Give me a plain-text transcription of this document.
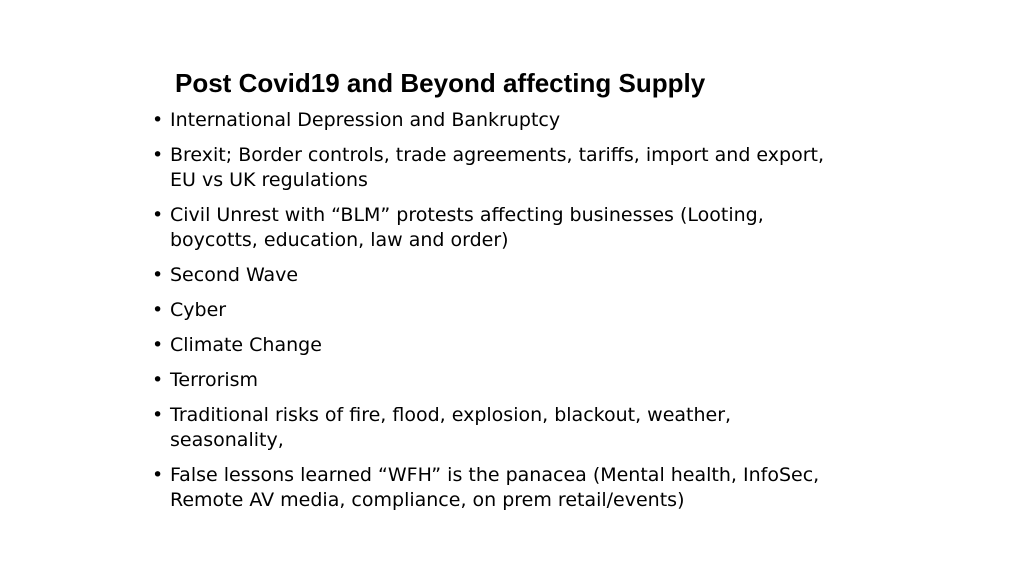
Post Covid19 and Beyond affecting Supply
• International Depression and Bankruptcy
• Brexit; Border controls, trade agreements, tariffs, import and export, EU vs UK regulations
• Civil Unrest with “BLM” protests affecting businesses (Looting, boycotts, education, law and order)
• Second Wave
• Cyber
• Climate Change
• Terrorism
• Traditional risks of fire, flood, explosion, blackout, weather, seasonality,
• False lessons learned “WFH” is the panacea (Mental health, InfoSec, Remote AV media, compliance, on prem retail/events)
